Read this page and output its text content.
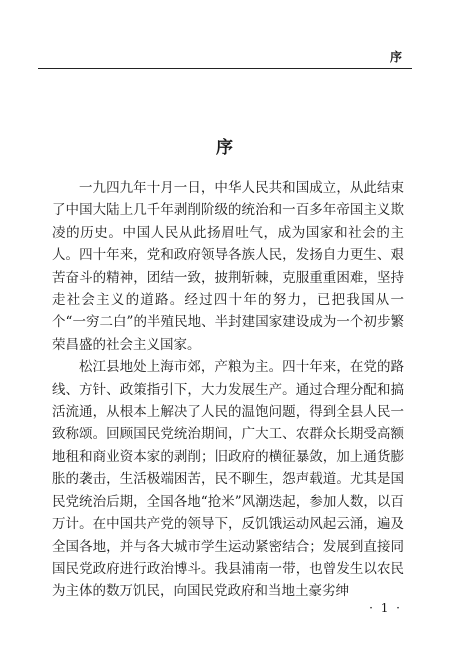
序
序

一九四九年十月一日，中华人民共和国成立，从此结束了中国大陆上几千年剥削阶级的统治和一百多年帝国主义欺凌的历史。中国人民从此扬眉吐气，成为国家和社会的主人。四十年来，党和政府领导各族人民，发扬自力更生、艰苦奋斗的精神，团结一致，披荆斩棘，克服重重困难，坚持走社会主义的道路。经过四十年的努力，已把我国从一个“一穷二白”的半殖民地、半封建国家建设成为一个初步繁荣昌盛的社会主义国家。

松江县地处上海市郊，产粮为主。四十年来，在党的路线、方针、政策指引下，大力发展生产。通过合理分配和搞活流通，从根本上解决了人民的温饱问题，得到全县人民一致称颂。回顾国民党统治期间，广大工、农群众长期受高额地租和商业资本家的剥削；旧政府的横征暴敛，加上通货膨胀的袭击，生活极端困苦，民不聊生，怨声载道。尤其是国民党统治后期，全国各地“抢米”风潮迭起，参加人数，以百万计。在中国共产党的领导下，反饥饿运动风起云涌，遍及全国各地，并与各大城市学生运动紧密结合；发展到直接同国民党政府进行政治博斗。我县浦南一带，也曾发生以农民为主体的数万饥民，向国民党政府和当地土豪劣绅

· 1 ·
